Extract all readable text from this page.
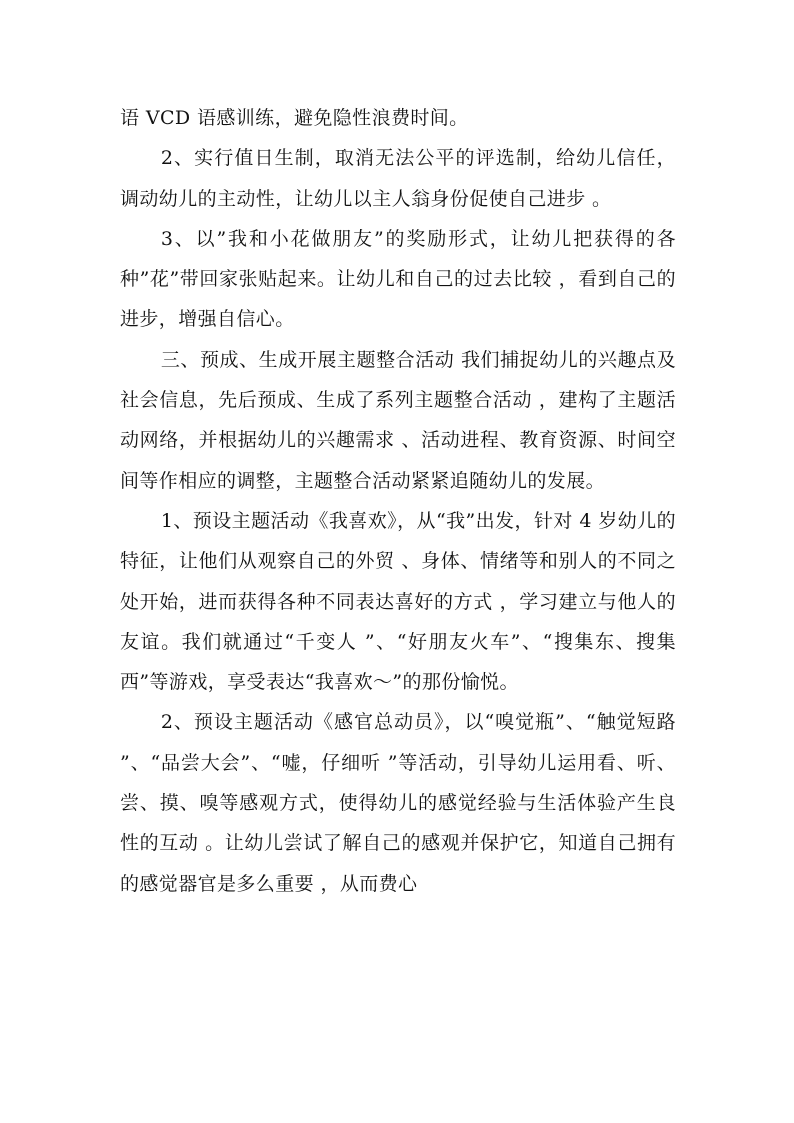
语 VCD 语感训练，避免隐性浪费时间。

2、实行值日生制，取消无法公平的评选制，给幼儿信任，调动幼儿的主动性，让幼儿以主人翁身份促使自己进步 。

3、以”我和小花做朋友”的奖励形式，让幼儿把获得的各种”花”带回家张贴起来。让幼儿和自己的过去比较 ，看到自己的进步，增强自信心。

三、预成、生成开展主题整合活动 我们捕捉幼儿的兴趣点及社会信息，先后预成、生成了系列主题整合活动 ，建构了主题活动网络，并根据幼儿的兴趣需求 、活动进程、教育资源、时间空间等作相应的调整，主题整合活动紧紧追随幼儿的发展。

1、预设主题活动《我喜欢》，从“我”出发，针对 4 岁幼儿的特征，让他们从观察自己的外贸 、身体、情绪等和别人的不同之处开始，进而获得各种不同表达喜好的方式 ，学习建立与他人的友谊。我们就通过“千变人 ”、“好朋友火车”、“搜集东、搜集西”等游戏，享受表达“我喜欢～”的那份愉悦。

2、预设主题活动《感官总动员》，以“嗅觉瓶”、“触觉短路 ”、“品尝大会”、“嘘，仔细听 ”等活动，引导幼儿运用看、听、尝、摸、嗅等感观方式，使得幼儿的感觉经验与生活体验产生良性的互动 。让幼儿尝试了解自己的感观并保护它，知道自己拥有的感觉器官是多么重要 ，从而费心
